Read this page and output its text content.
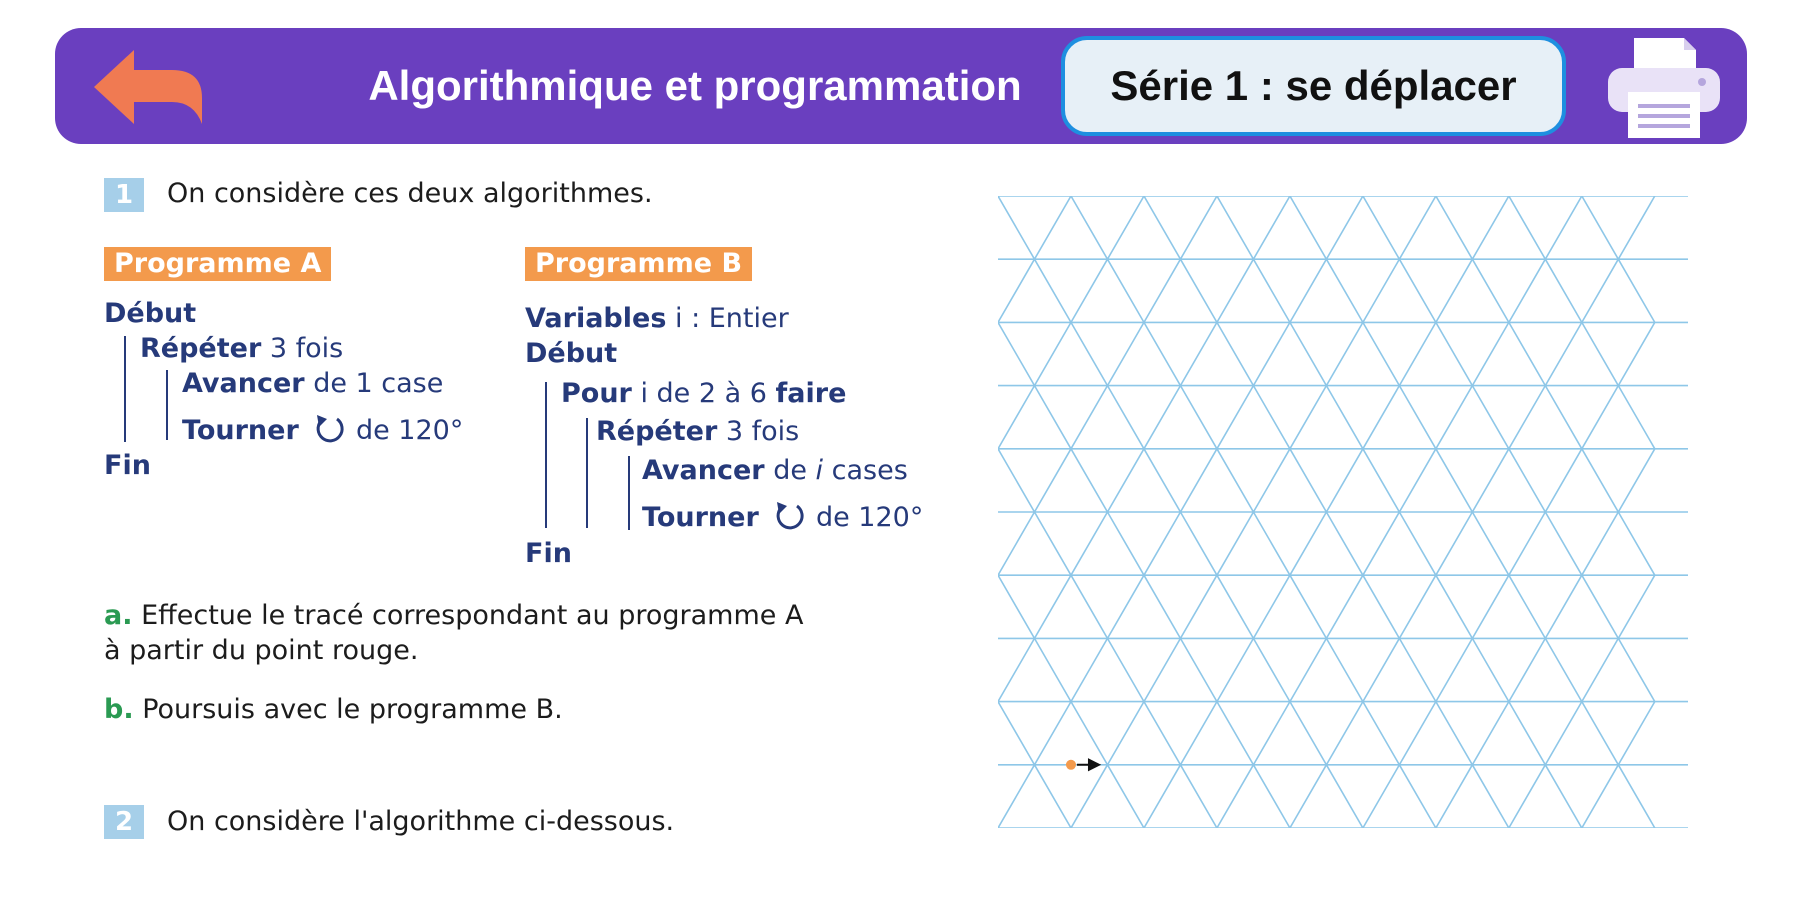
Algorithmique et programmation	Série 1 : se déplacer
1	On considère ces deux algorithmes.
Programme A
Début
Répéter 3 fois
Avancer de 1 case
Tourner  de 120°
Fin
Programme B
Variables i : Entier
Début
Pour i de 2 à 6 faire
Répéter 3 fois
Avancer de i cases
Tourner  de 120°
Fin
a. Effectue le tracé correspondant au programme A
à partir du point rouge.
b. Poursuis avec le programme B.
2	On considère l'algorithme ci-dessous.
